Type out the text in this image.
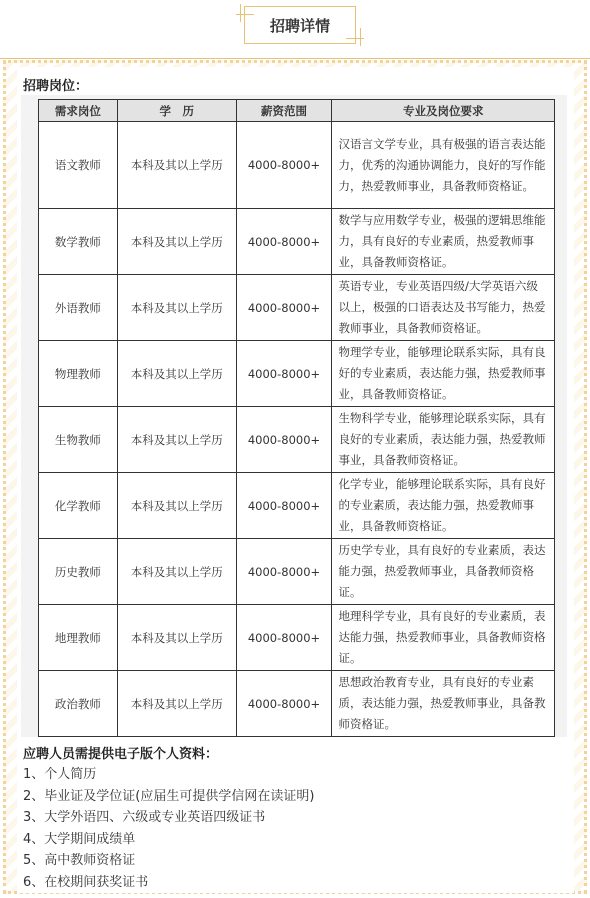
招聘详情
招聘岗位：
需求岗位	学　历	薪资范围	专业及岗位要求
语文教师	本科及其以上学历	4000-8000+	汉语言文学专业，具有极强的语言表达能力，优秀的沟通协调能力，良好的写作能力，热爱教师事业，具备教师资格证。
数学教师	本科及其以上学历	4000-8000+	数学与应用数学专业，极强的逻辑思维能力，具有良好的专业素质，热爱教师事业，具备教师资格证。
外语教师	本科及其以上学历	4000-8000+	英语专业，专业英语四级/大学英语六级以上，极强的口语表达及书写能力，热爱教师事业，具备教师资格证。
物理教师	本科及其以上学历	4000-8000+	物理学专业，能够理论联系实际，具有良好的专业素质，表达能力强，热爱教师事业，具备教师资格证。
生物教师	本科及其以上学历	4000-8000+	生物科学专业，能够理论联系实际，具有良好的专业素质，表达能力强，热爱教师事业，具备教师资格证。
化学教师	本科及其以上学历	4000-8000+	化学专业，能够理论联系实际，具有良好的专业素质，表达能力强，热爱教师事业，具备教师资格证。
历史教师	本科及其以上学历	4000-8000+	历史学专业，具有良好的专业素质，表达能力强，热爱教师事业，具备教师资格证。
地理教师	本科及其以上学历	4000-8000+	地理科学专业，具有良好的专业素质，表达能力强，热爱教师事业，具备教师资格证。
政治教师	本科及其以上学历	4000-8000+	思想政治教育专业，具有良好的专业素质，表达能力强，热爱教师事业，具备教师资格证。
应聘人员需提供电子版个人资料：
1、个人简历
2、毕业证及学位证(应届生可提供学信网在读证明)
3、大学外语四、六级或专业英语四级证书
4、大学期间成绩单
5、高中教师资格证
6、在校期间获奖证书
